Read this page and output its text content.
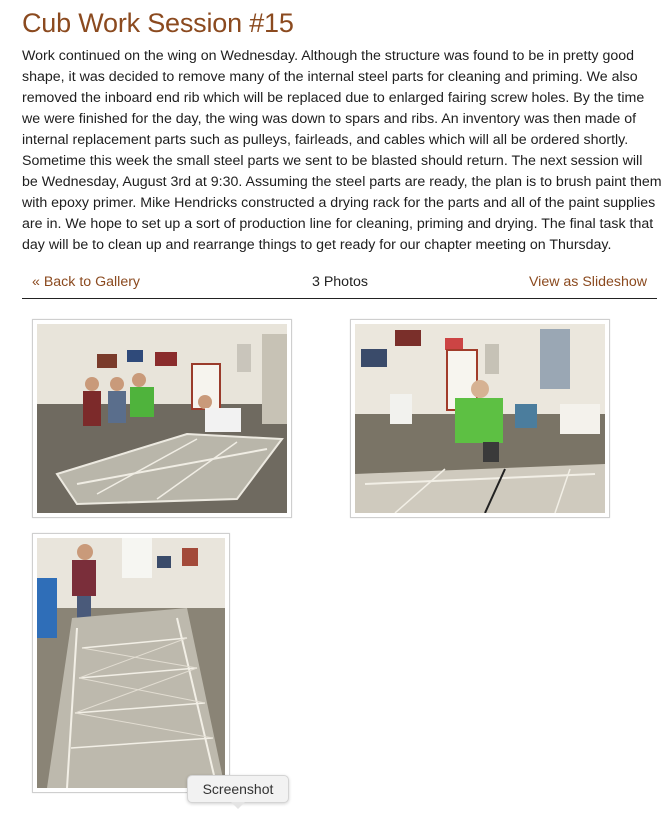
Cub Work Session #15

Work continued on the wing on Wednesday. Although the structure was found to be in pretty good shape, it was decided to remove many of the internal steel parts for cleaning and priming. We also removed the inboard end rib which will be replaced due to enlarged fairing screw holes. By the time we were finished for the day, the wing was down to spars and ribs. An inventory was then made of internal replacement parts such as pulleys, fairleads, and cables which will all be ordered shortly. Sometime this week the small steel parts we sent to be blasted should return. The next session will be Wednesday, August 3rd at 9:30. Assuming the steel parts are ready, the plan is to brush paint them with epoxy primer. Mike Hendricks constructed a drying rack for the parts and all of the paint supplies are in. We hope to set up a sort of production line for cleaning, priming and drying. The final task that day will be to clean up and rearrange things to get ready for our chapter meeting on Thursday.

« Back to Gallery	3 Photos	View as Slideshow
Screenshot
